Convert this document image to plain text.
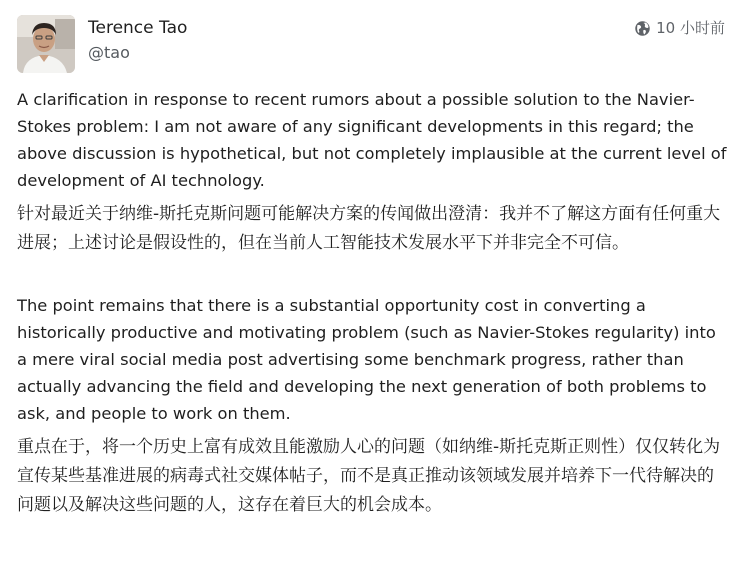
Terence Tao
@tao
10 小时前

A clarification in response to recent rumors about a possible solution to the Navier-Stokes problem: I am not aware of any significant developments in this regard; the above discussion is hypothetical, but not completely implausible at the current level of development of AI technology.

针对最近关于纳维-斯托克斯问题可能解决方案的传闻做出澄清：我并不了解这方面有任何重大进展；上述讨论是假设性的，但在当前人工智能技术发展水平下并非完全不可信。

The point remains that there is a substantial opportunity cost in converting a historically productive and motivating problem (such as Navier-Stokes regularity) into a mere viral social media post advertising some benchmark progress, rather than actually advancing the field and developing the next generation of both problems to ask, and people to work on them.

重点在于，将一个历史上富有成效且能激励人心的问题（如纳维-斯托克斯正则性）仅仅转化为宣传某些基准进展的病毒式社交媒体帖子，而不是真正推动该领域发展并培养下一代待解决的问题以及解决这些问题的人，这存在着巨大的机会成本。
